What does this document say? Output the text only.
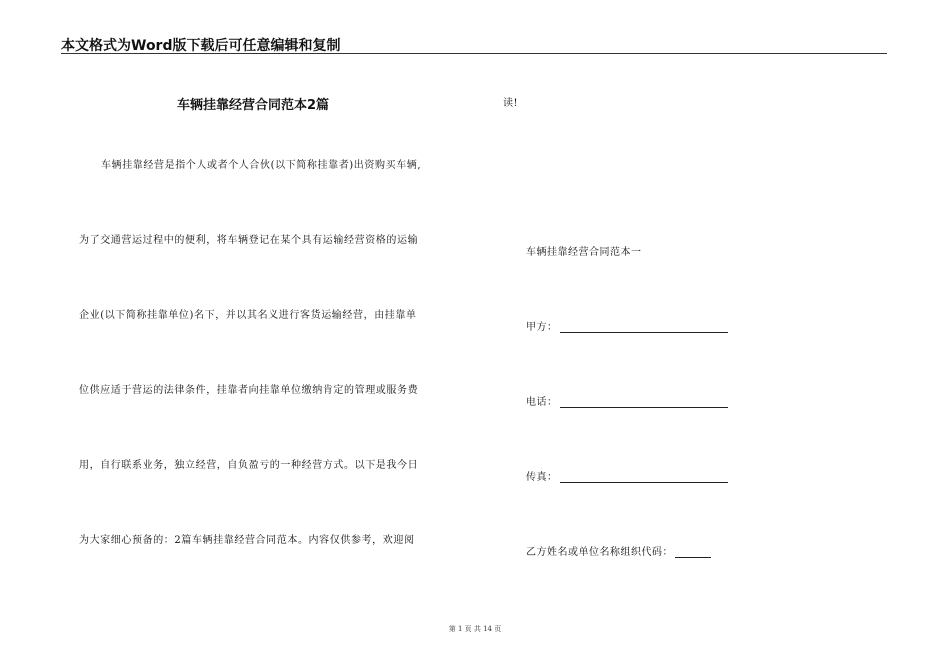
本文格式为Word版下载后可任意编辑和复制
车辆挂靠经营合同范本2篇
车辆挂靠经营是指个人或者个人合伙(以下简称挂靠者)出资购买车辆,
为了交通营运过程中的便利，将车辆登记在某个具有运输经营资格的运输
企业(以下简称挂靠单位)名下，并以其名义进行客货运输经营，由挂靠单
位供应适于营运的法律条件，挂靠者向挂靠单位缴纳肯定的管理或服务费
用，自行联系业务，独立经营，自负盈亏的一种经营方式。以下是我今日
为大家细心预备的：2篇车辆挂靠经营合同范本。内容仅供参考，欢迎阅
读!
车辆挂靠经营合同范本一
甲方：
电话：
传真：
乙方姓名或单位名称组织代码：
第 1 页 共 14 页
